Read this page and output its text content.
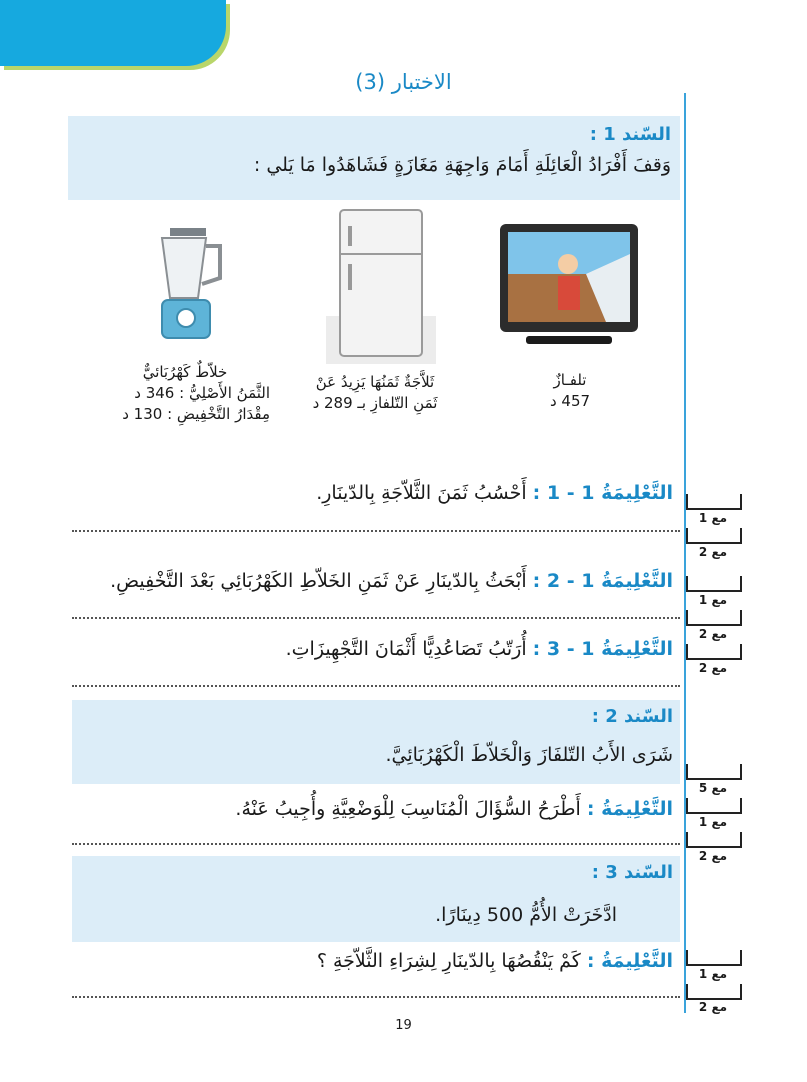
رياضيّات
الاختبار (3)
السّند 1 :
وَقفَ أَفْرَادُ الْعَائِلَةِ أَمَامَ وَاجِهَةِ مَغَازَةٍ فَشَاهَدُوا مَا يَلي :
تلفـازٌ
457 د
ثَلاَّجَةٌ ثَمَنُهَا يَزِيدُ عَنْ
ثَمَنِ التّلفازِ بـ 289 د
خلاّطٌ كَهْرُبَائيٌّ
الثَّمَنُ الأَصْلِيُّ : 346 د
مِقْدَارُ التَّخْفِيضِ : 130 د
التَّعْلِيمَةُ 1 - 1 : أَحْسُبُ ثَمَنَ الثَّلاّجَةِ بِالدّينَارِ.
التَّعْلِيمَةُ 1 - 2 : أَبْحَثُ بِالدّينَارِ عَنْ ثَمَنِ الخَلاّطِ الكَهْرُبَائِي بَعْدَ التَّخْفِيضِ.
التَّعْلِيمَةُ 1 - 3 : أُرَتّبُ تَصَاعُدِيًّا أَثْمَانَ التَّجْهِيزَاتِ.
السّند 2 :
شَرَى الأَبُ التّلفَازَ وَالْخَلاّطَ الْكَهْرُبَائِيَّ.
التَّعْلِيمَةُ : أَطْرَحُ السُّؤَالَ الْمُنَاسِبَ لِلْوَضْعِيَّةِ وأُجِيبُ عَنْهُ.
السّند 3 :
ادَّخَرَتْ الأُمُّ 500 دِينَارًا.
التَّعْلِيمَةُ : كَمْ يَنْقُصُهَا بِالدّينَارِ لِشِرَاءِ الثَّلاّجَةِ ؟
مع 1
مع 2
مع 1
مع 2
مع 2
مع 5
مع 1
مع 2
مع 1
مع 2
19
